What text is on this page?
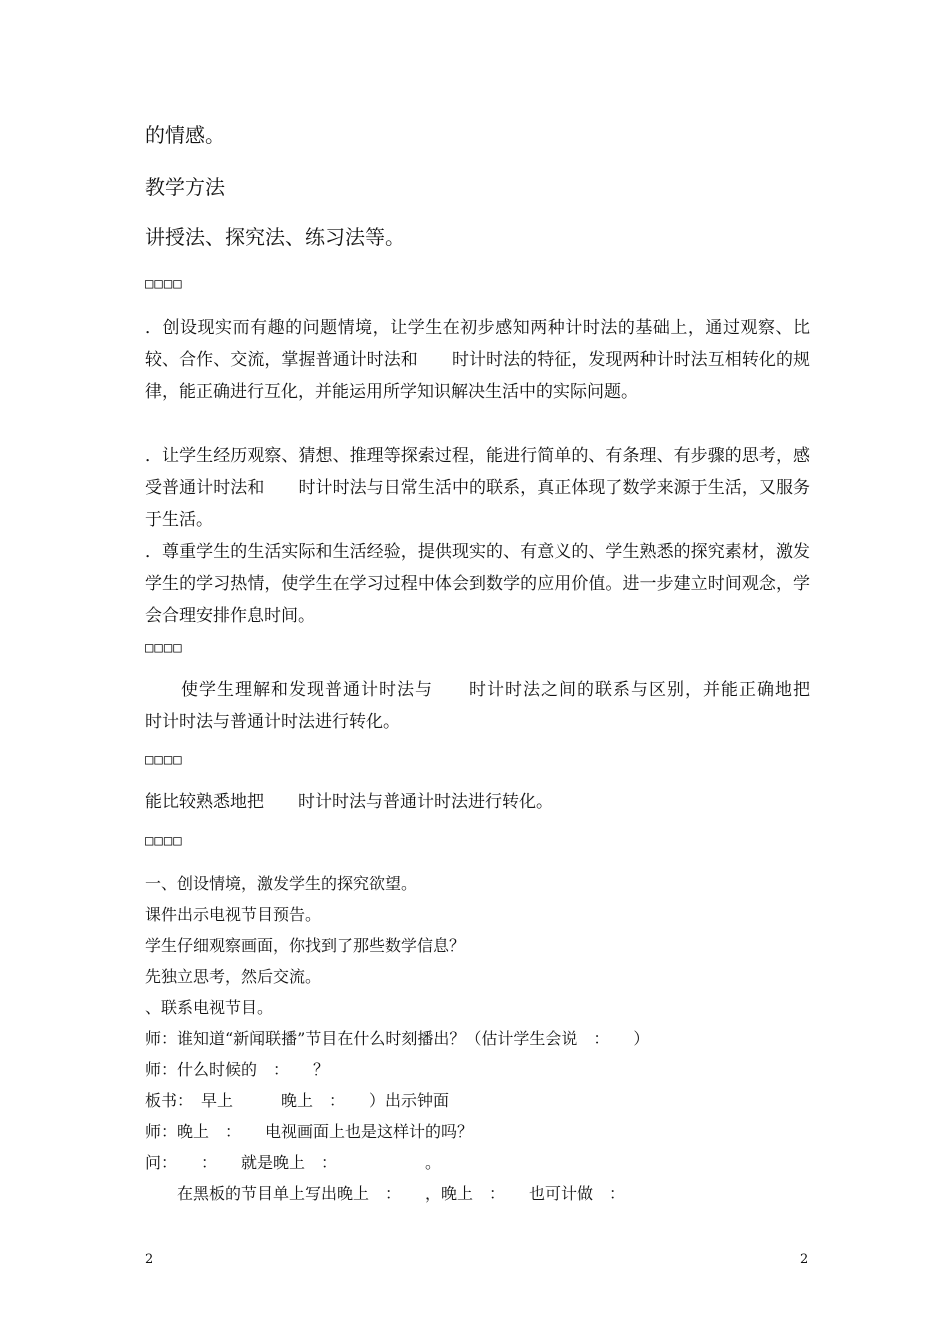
的情感。
教学方法
讲授法、探究法、练习法等。
□□□□
．创设现实而有趣的问题情境，让学生在初步感知两种计时法的基础上，通过观察、比较、合作、交流，掌握普通计时法和　　时计时法的特征，发现两种计时法互相转化的规律，能正确进行互化，并能运用所学知识解决生活中的实际问题。
．让学生经历观察、猜想、推理等探索过程，能进行简单的、有条理、有步骤的思考，感受普通计时法和　　时计时法与日常生活中的联系，真正体现了数学来源于生活，又服务于生活。
．尊重学生的生活实际和生活经验，提供现实的、有意义的、学生熟悉的探究素材，激发学生的学习热情，使学生在学习过程中体会到数学的应用价值。进一步建立时间观念，学会合理安排作息时间。
□□□□
　　使学生理解和发现普通计时法与　　时计时法之间的联系与区别，并能正确地把　　时计时法与普通计时法进行转化。
□□□□
能比较熟悉地把　　时计时法与普通计时法进行转化。
□□□□
一、创设情境，激发学生的探究欲望。
课件出示电视节目预告。
学生仔细观察画面，你找到了那些数学信息？
先独立思考，然后交流。
、联系电视节目。
师：谁知道“新闻联播”节目在什么时刻播出？（估计学生会说　：　　）
师：什么时候的　：　　？
板书：　早上　　　晚上　：　　）出示钟面
师：晚上　：　　电视画面上也是这样计的吗？
问：　　：　　就是晚上　：　　　　　　。
　　在黑板的节目单上写出晚上　：　　，晚上　：　　也可计做　：
2	2
